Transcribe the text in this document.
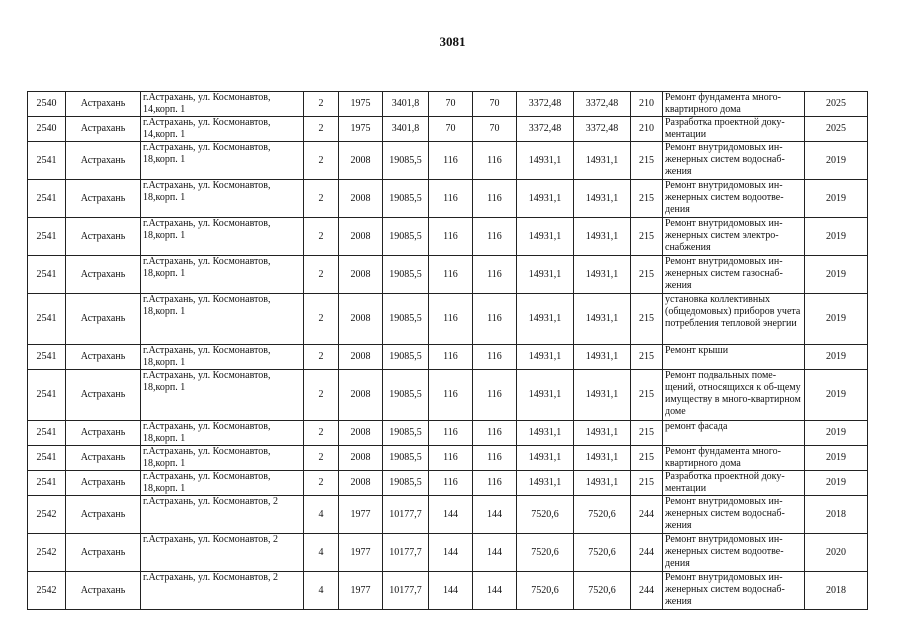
3081
2540	Астрахань	г.Астрахань, ул. Космонавтов, 14,корп. 1	2	1975	3401,8	70	70	3372,48	3372,48	210	Ремонт фундамента много-квартирного дома	2025
2540	Астрахань	г.Астрахань, ул. Космонавтов, 14,корп. 1	2	1975	3401,8	70	70	3372,48	3372,48	210	Разработка проектной доку-ментации	2025
2541	Астрахань	г.Астрахань, ул. Космонавтов, 18,корп. 1	2	2008	19085,5	116	116	14931,1	14931,1	215	Ремонт внутридомовых ин-женерных систем водоснаб-жения	2019
2541	Астрахань	г.Астрахань, ул. Космонавтов, 18,корп. 1	2	2008	19085,5	116	116	14931,1	14931,1	215	Ремонт внутридомовых ин-женерных систем водоотве-дения	2019
2541	Астрахань	г.Астрахань, ул. Космонавтов, 18,корп. 1	2	2008	19085,5	116	116	14931,1	14931,1	215	Ремонт внутридомовых ин-женерных систем электро-снабжения	2019
2541	Астрахань	г.Астрахань, ул. Космонавтов, 18,корп. 1	2	2008	19085,5	116	116	14931,1	14931,1	215	Ремонт внутридомовых ин-женерных систем газоснаб-жения	2019
2541	Астрахань	г.Астрахань, ул. Космонавтов, 18,корп. 1	2	2008	19085,5	116	116	14931,1	14931,1	215	установка коллективных (общедомовых) приборов учета потребления тепловой энергии	2019
2541	Астрахань	г.Астрахань, ул. Космонавтов, 18,корп. 1	2	2008	19085,5	116	116	14931,1	14931,1	215	Ремонт крыши	2019
2541	Астрахань	г.Астрахань, ул. Космонавтов, 18,корп. 1	2	2008	19085,5	116	116	14931,1	14931,1	215	Ремонт подвальных поме-щений, относящихся к об-щему имуществу в много-квартирном доме	2019
2541	Астрахань	г.Астрахань, ул. Космонавтов, 18,корп. 1	2	2008	19085,5	116	116	14931,1	14931,1	215	ремонт фасада	2019
2541	Астрахань	г.Астрахань, ул. Космонавтов, 18,корп. 1	2	2008	19085,5	116	116	14931,1	14931,1	215	Ремонт фундамента много-квартирного дома	2019
2541	Астрахань	г.Астрахань, ул. Космонавтов, 18,корп. 1	2	2008	19085,5	116	116	14931,1	14931,1	215	Разработка проектной доку-ментации	2019
2542	Астрахань	г.Астрахань, ул. Космонавтов, 2	4	1977	10177,7	144	144	7520,6	7520,6	244	Ремонт внутридомовых ин-женерных систем водоснаб-жения	2018
2542	Астрахань	г.Астрахань, ул. Космонавтов, 2	4	1977	10177,7	144	144	7520,6	7520,6	244	Ремонт внутридомовых ин-женерных систем водоотве-дения	2020
2542	Астрахань	г.Астрахань, ул. Космонавтов, 2	4	1977	10177,7	144	144	7520,6	7520,6	244	Ремонт внутридомовых ин-женерных систем водоснаб-жения	2018
